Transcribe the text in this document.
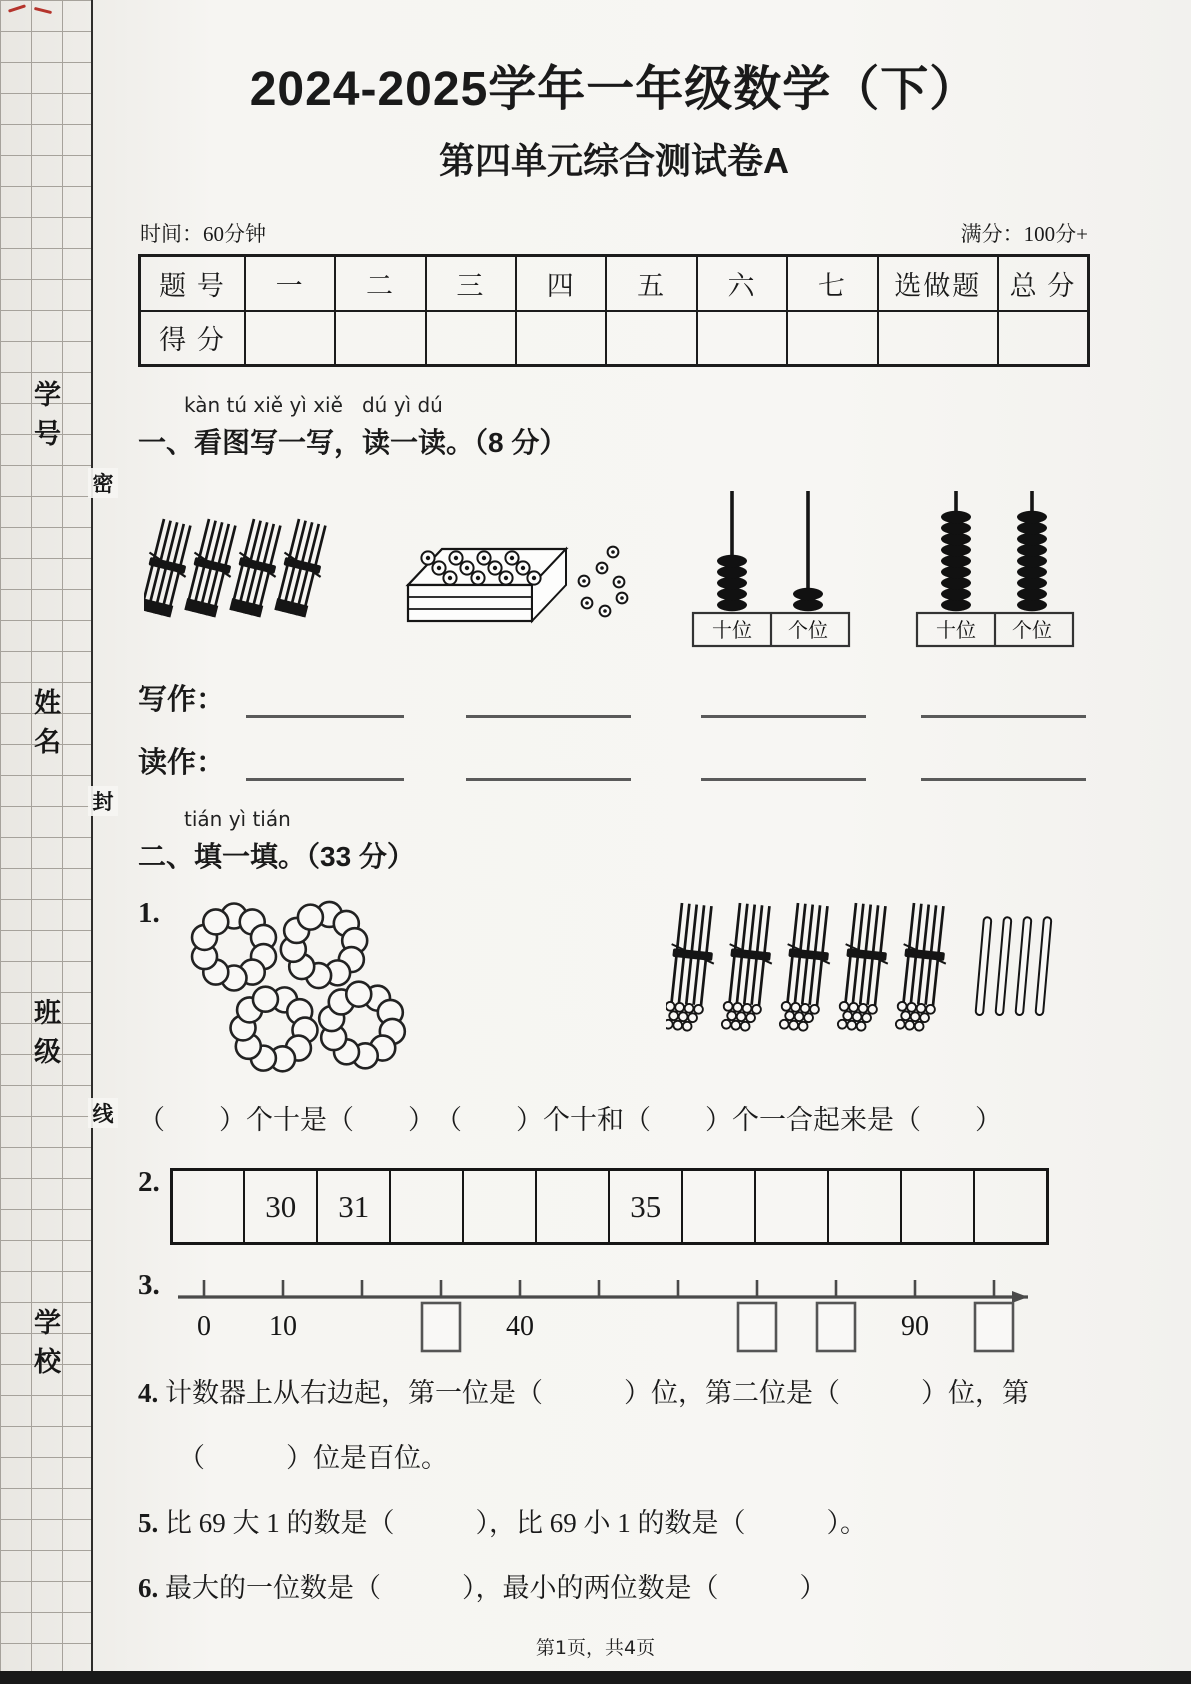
学号
姓名
班级
学校
密
封
线
2024-2025学年一年级数学（下）
第四单元综合测试卷A
时间：60分钟	满分：100分+
题 号	一	二	三	四	五	六	七	选做题	总 分
得 分									
kàn tú xiě yì xiě   dú yì dú
一、看图写一写，读一读。（8 分）
十位 个位	十位 个位
写作：
读作：
tián yì tián
二、填一填。（33 分）
1.
（　　）个十是（　　）　（　　）个十和（　　）个一合起来是（　　）
2.
	30	31				35					
3.
0 10	40	90
4. 计数器上从右边起，第一位是（　　　）位，第二位是（　　　）位，第
（　　　）位是百位。
5. 比 69 大 1 的数是（　　　），比 69 小 1 的数是（　　　）。
6. 最大的一位数是（　　　），最小的两位数是（　　　）
第1页，共4页
